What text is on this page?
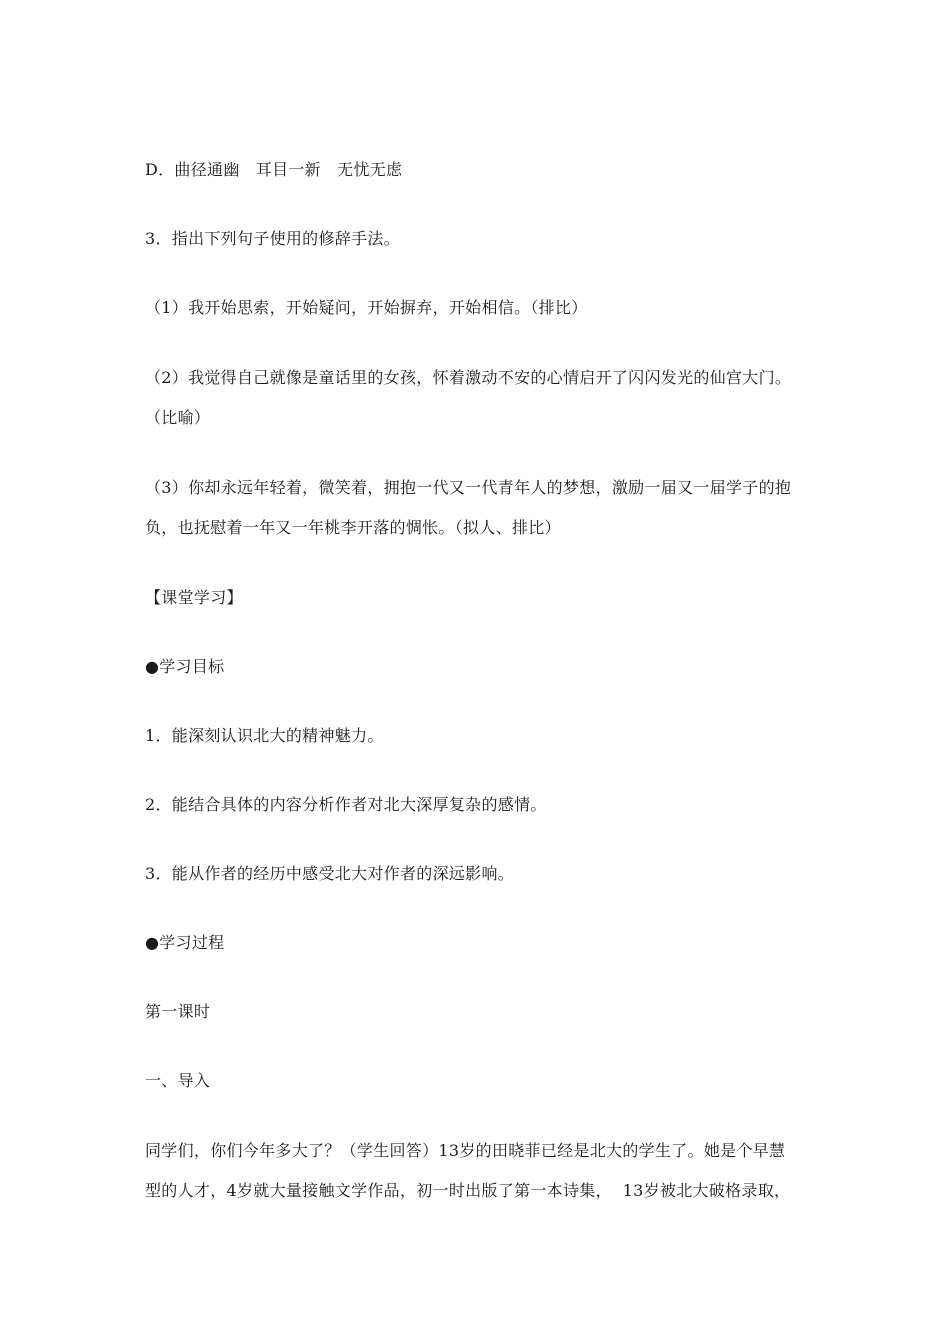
D．曲径通幽   耳目一新   无忧无虑
3．指出下列句子使用的修辞手法。
（1）我开始思索，开始疑问，开始摒弃，开始相信。（排比）
（2）我觉得自己就像是童话里的女孩，怀着激动不安的心情启开了闪闪发光的仙宫大门。
（比喻）
（3）你却永远年轻着，微笑着，拥抱一代又一代青年人的梦想，激励一届又一届学子的抱
负，也抚慰着一年又一年桃李开落的惆怅。（拟人、排比）
【课堂学习】
●学习目标
1．能深刻认识北大的精神魅力。
2．能结合具体的内容分析作者对北大深厚复杂的感情。
3．能从作者的经历中感受北大对作者的深远影响。
●学习过程
第一课时
一、导入
同学们，你们今年多大了？（学生回答）13岁的田晓菲已经是北大的学生了。她是个早慧
型的人才，4岁就大量接触文学作品，初一时出版了第一本诗集，  13岁被北大破格录取，
